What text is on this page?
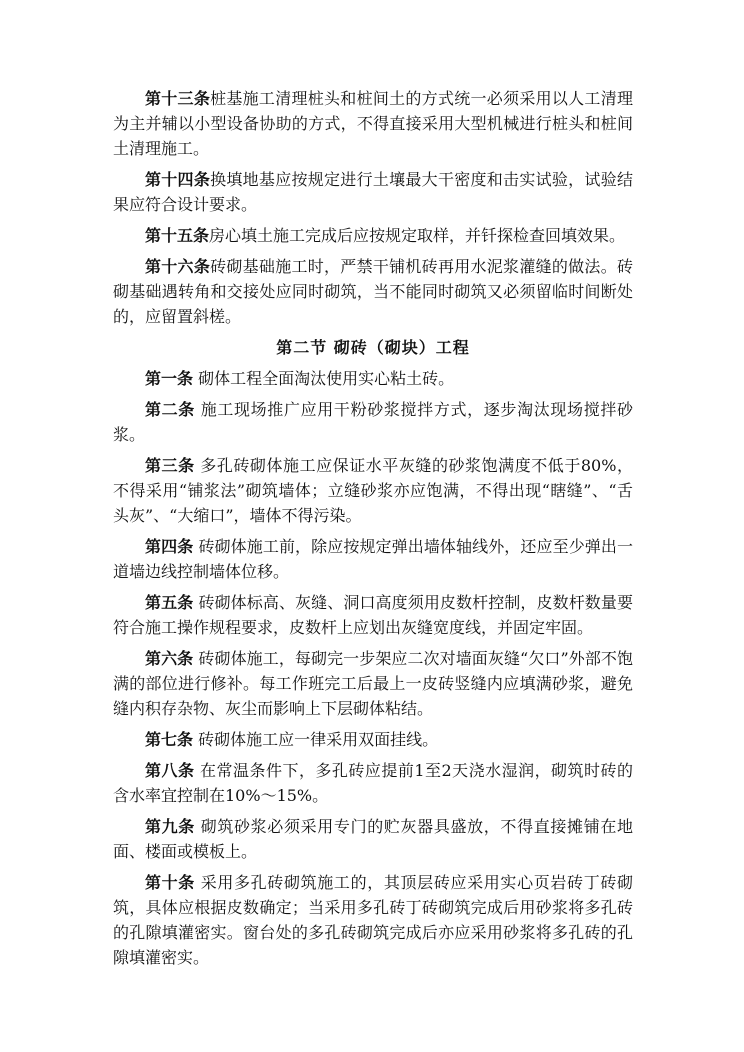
第十三条桩基施工清理桩头和桩间土的方式统一必须采用以人工清理为主并辅以小型设备协助的方式，不得直接采用大型机械进行桩头和桩间土清理施工。

第十四条换填地基应按规定进行土壤最大干密度和击实试验，试验结果应符合设计要求。

第十五条房心填土施工完成后应按规定取样，并钎探检查回填效果。

第十六条砖砌基础施工时，严禁干铺机砖再用水泥浆灌缝的做法。砖砌基础遇转角和交接处应同时砌筑，当不能同时砌筑又必须留临时间断处的，应留置斜槎。

第二节 砌砖（砌块）工程

第一条 砌体工程全面淘汰使用实心粘土砖。

第二条 施工现场推广应用干粉砂浆搅拌方式，逐步淘汰现场搅拌砂浆。

第三条 多孔砖砌体施工应保证水平灰缝的砂浆饱满度不低于80%，不得采用“铺浆法”砌筑墙体；立缝砂浆亦应饱满，不得出现“瞎缝”、“舌头灰”、“大缩口”，墙体不得污染。

第四条 砖砌体施工前，除应按规定弹出墙体轴线外，还应至少弹出一道墙边线控制墙体位移。

第五条 砖砌体标高、灰缝、洞口高度须用皮数杆控制，皮数杆数量要符合施工操作规程要求，皮数杆上应划出灰缝宽度线，并固定牢固。

第六条 砖砌体施工，每砌完一步架应二次对墙面灰缝“欠口”外部不饱满的部位进行修补。每工作班完工后最上一皮砖竖缝内应填满砂浆，避免缝内积存杂物、灰尘而影响上下层砌体粘结。

第七条 砖砌体施工应一律采用双面挂线。

第八条 在常温条件下，多孔砖应提前1至2天浇水湿润，砌筑时砖的含水率宜控制在10%～15%。

第九条 砌筑砂浆必须采用专门的贮灰器具盛放，不得直接摊铺在地面、楼面或模板上。

第十条 采用多孔砖砌筑施工的，其顶层砖应采用实心页岩砖丁砖砌筑，具体应根据皮数确定；当采用多孔砖丁砖砌筑完成后用砂浆将多孔砖的孔隙填灌密实。窗台处的多孔砖砌筑完成后亦应采用砂浆将多孔砖的孔隙填灌密实。
